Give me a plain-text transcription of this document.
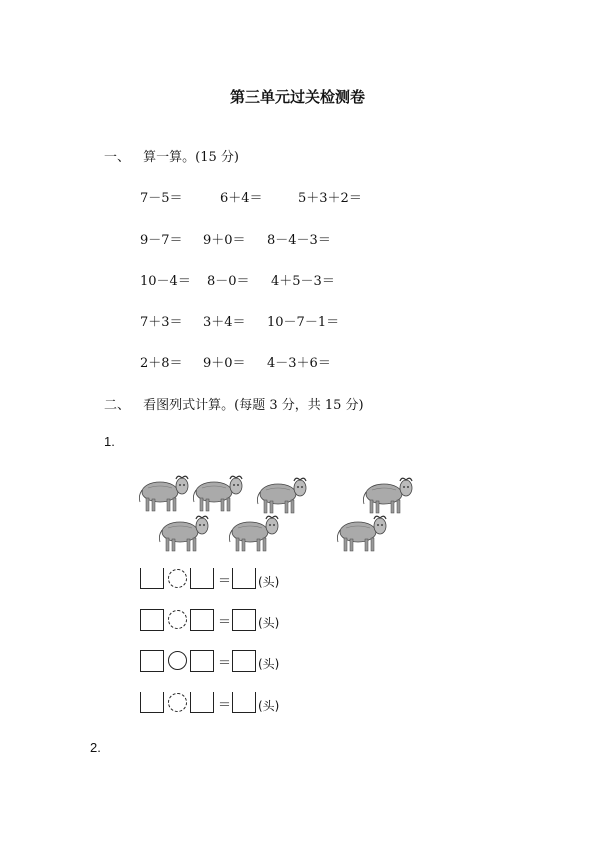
第三单元过关检测卷
一、 算一算。(15 分)
7－5＝	6＋4＝	5＋3＋2＝
9－7＝ 9＋0＝ 8－4－3＝
10－4＝ 8－0＝ 4＋5－3＝
7＋3＝ 3＋4＝ 10－7－1＝
2＋8＝ 9＋0＝ 4－3＋6＝
二、 看图列式计算。(每题 3 分，共 15 分)
1.
＝ (头)
＝ (头)
＝ (头)
＝ (头)
2.
